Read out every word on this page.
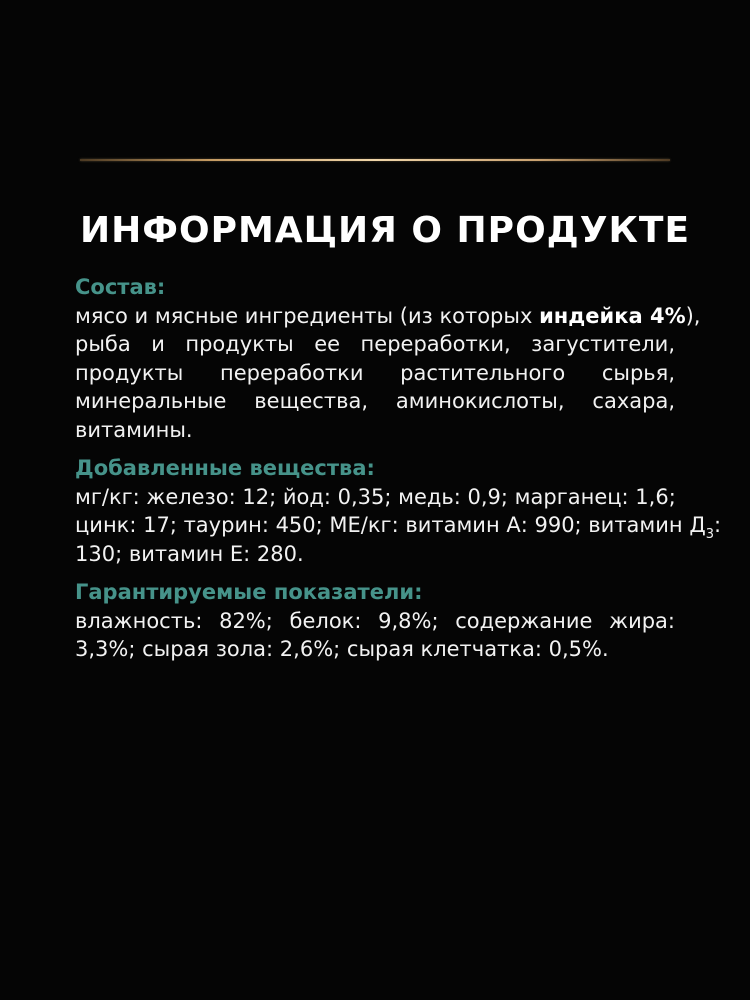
ИНФОРМАЦИЯ О ПРОДУКТЕ
Состав:
мясо и мясные ингредиенты (из которых индейка 4%),
рыба и продукты ее переработки, загустители,
продукты переработки растительного сырья,
минеральные вещества, аминокислоты, сахара,
витамины.
Добавленные вещества:
мг/кг: железо: 12; йод: 0,35; медь: 0,9; марганец: 1,6;
цинк: 17; таурин: 450; МЕ/кг: витамин А: 990; витамин $Д_3$:
130; витамин Е: 280.
Гарантируемые показатели:
влажность: 82%; белок: 9,8%; содержание жира:
3,3%; сырая зола: 2,6%; сырая клетчатка: 0,5%.
